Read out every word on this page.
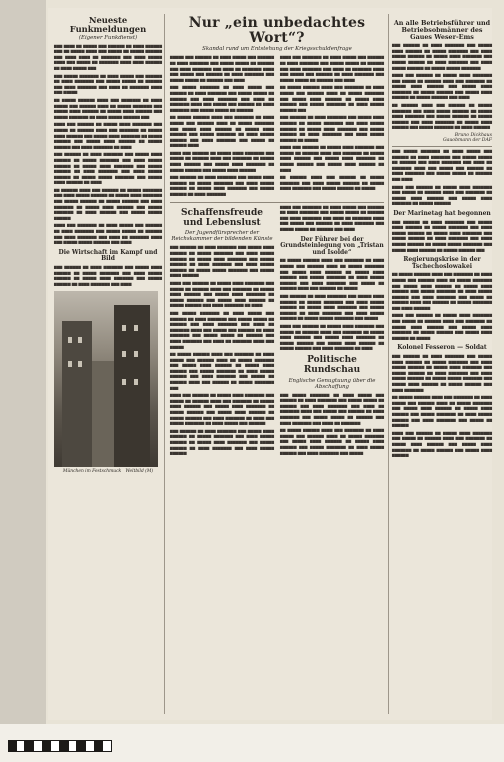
Neueste Funkmeldungen
(Eigener Funkdienst)

▆▆▆ ▆▆▆▆ ▆▆ ▆▆▆▆▆ ▆▆▆ ▆▆▆▆▆▆ ▆▆ ▆▆▆▆ ▆▆▆▆▆▆ ▆▆▆ ▆▆ ▆▆▆▆▆ ▆▆▆▆ ▆▆▆ ▆▆▆▆▆ ▆▆ ▆▆▆▆▆ ▆▆▆▆▆▆ ▆▆▆ ▆▆▆▆ ▆▆▆▆ ▆▆ ▆▆▆▆▆▆▆ ▆▆▆ ▆▆▆▆ ▆▆▆▆▆ ▆▆▆▆ ▆▆▆ ▆▆▆▆▆ ▆▆ ▆▆▆▆▆▆▆ ▆▆▆▆ ▆▆▆▆ ▆▆▆▆▆▆ ▆▆ ▆▆▆▆ ▆▆▆▆▆ ▆▆▆

▆▆▆ ▆▆▆▆▆ ▆▆▆▆▆▆▆ ▆▆ ▆▆▆▆ ▆▆▆▆▆ ▆▆▆ ▆▆▆▆▆▆ ▆▆ ▆▆▆▆ ▆▆▆▆▆▆▆ ▆▆▆ ▆▆▆▆▆ ▆▆▆▆▆ ▆▆ ▆▆▆▆▆▆ ▆▆▆ ▆▆▆▆ ▆▆▆▆▆▆▆ ▆▆▆ ▆▆▆▆ ▆▆ ▆▆▆▆▆▆▆ ▆▆▆▆ ▆▆▆ ▆▆▆▆▆

▆▆ ▆▆▆▆▆ ▆▆▆▆▆▆ ▆▆▆▆ ▆▆▆ ▆▆▆▆▆▆▆ ▆▆ ▆▆▆▆ ▆▆▆▆▆ ▆▆▆ ▆▆▆▆▆▆ ▆▆▆▆ ▆▆ ▆▆▆▆▆ ▆▆▆▆▆▆▆ ▆▆▆ ▆▆▆▆▆ ▆▆▆▆ ▆▆▆▆▆▆ ▆▆ ▆▆▆▆▆ ▆▆▆▆ ▆▆▆▆▆▆ ▆▆▆ ▆▆▆▆▆ ▆▆▆▆▆▆▆ ▆▆ ▆▆▆▆ ▆▆▆▆▆ ▆▆▆▆▆▆ ▆▆▆

▆▆▆▆ ▆▆▆ ▆▆▆▆▆▆ ▆▆ ▆▆▆▆▆ ▆▆▆▆ ▆▆▆▆▆▆▆ ▆▆▆ ▆▆▆▆▆ ▆▆ ▆▆▆▆▆▆ ▆▆▆▆ ▆▆▆ ▆▆▆▆▆▆▆ ▆▆ ▆▆▆▆▆ ▆▆▆▆ ▆▆▆▆▆▆ ▆▆▆ ▆▆▆▆▆ ▆▆▆▆ ▆▆▆▆▆▆▆ ▆▆ ▆▆▆▆▆ ▆▆▆▆▆▆ ▆▆▆ ▆▆▆▆▆ ▆▆▆▆ ▆▆▆▆▆▆ ▆▆ ▆▆▆▆▆ ▆▆▆▆▆▆ ▆▆▆ ▆▆▆▆ ▆▆▆▆▆▆▆ ▆▆ ▆▆▆▆

▆▆▆ ▆▆▆▆▆▆ ▆▆ ▆▆▆▆ ▆▆▆▆▆▆▆ ▆▆▆ ▆▆▆▆▆ ▆▆▆▆ ▆▆▆▆▆▆ ▆▆ ▆▆▆▆▆ ▆▆▆▆▆▆▆ ▆▆▆ ▆▆▆▆ ▆▆▆▆▆ ▆▆▆▆▆▆ ▆▆ ▆▆▆▆▆ ▆▆▆▆ ▆▆▆▆▆▆▆ ▆▆▆ ▆▆▆▆▆ ▆▆▆▆▆▆ ▆▆ ▆▆▆▆ ▆▆▆▆▆▆▆ ▆▆▆ ▆▆▆▆ ▆▆▆▆▆ ▆▆▆▆▆▆ ▆▆ ▆▆▆▆▆ ▆▆▆▆▆ ▆▆▆▆▆▆▆ ▆▆▆ ▆▆▆▆▆ ▆▆▆▆ ▆▆▆▆▆▆ ▆▆ ▆▆▆▆

▆▆ ▆▆▆▆▆▆ ▆▆▆▆ ▆▆▆ ▆▆▆▆▆▆ ▆▆ ▆▆▆▆▆ ▆▆▆▆▆▆▆ ▆▆▆ ▆▆▆▆ ▆▆▆▆▆ ▆▆▆▆▆▆ ▆▆ ▆▆▆▆▆ ▆▆▆▆ ▆▆▆▆▆▆▆ ▆▆▆ ▆▆▆▆▆ ▆▆▆▆▆▆ ▆▆ ▆▆▆▆▆ ▆▆▆▆▆▆ ▆▆▆ ▆▆▆▆ ▆▆▆▆▆▆▆ ▆▆ ▆▆▆▆▆ ▆▆▆▆ ▆▆▆▆▆▆ ▆▆▆ ▆▆▆▆▆ ▆▆▆▆▆▆▆ ▆▆ ▆▆▆▆ ▆▆▆▆▆▆ ▆▆▆ ▆▆▆▆▆ ▆▆▆▆▆ ▆▆▆▆▆▆

▆▆▆▆ ▆▆▆ ▆▆▆▆▆▆▆ ▆▆ ▆▆▆▆ ▆▆▆▆▆ ▆▆▆ ▆▆▆▆▆▆ ▆▆ ▆▆▆▆ ▆▆▆▆▆▆▆ ▆▆▆ ▆▆▆▆▆ ▆▆▆▆▆ ▆▆ ▆▆▆▆▆▆ ▆▆▆ ▆▆▆▆ ▆▆▆▆▆▆▆ ▆▆▆ ▆▆▆▆ ▆▆ ▆▆▆▆▆▆▆ ▆▆▆▆ ▆▆▆ ▆▆▆▆▆ ▆▆▆▆▆ ▆▆▆▆▆▆ ▆▆▆ ▆▆▆▆

Die Wirtschaft im Kampf und Bild

▆▆▆ ▆▆▆▆▆▆ ▆▆ ▆▆▆▆ ▆▆▆▆▆▆▆ ▆▆▆ ▆▆▆▆▆ ▆▆▆▆ ▆▆▆▆▆▆ ▆▆ ▆▆▆▆▆ ▆▆▆▆▆▆▆ ▆▆▆ ▆▆▆▆ ▆▆▆▆▆ ▆▆▆▆▆▆ ▆▆ ▆▆▆▆▆ ▆▆▆▆ ▆▆▆▆▆▆▆ ▆▆▆ ▆▆▆▆▆ ▆▆▆▆▆▆ ▆▆ ▆▆▆▆ ▆▆▆▆▆▆▆ ▆▆▆ ▆▆▆▆

München im Festschmuck Weltbild (M)
Nur „ein unbedachtes Wort“?
Skandal rund um Entstehung der Kriegsschuldenfrage

▆▆▆▆▆ ▆▆▆ ▆▆▆▆▆▆ ▆▆ ▆▆▆▆ ▆▆▆▆▆ ▆▆▆ ▆▆▆▆▆▆ ▆▆ ▆▆▆▆ ▆▆▆▆▆▆▆ ▆▆▆ ▆▆▆▆▆ ▆▆▆▆▆ ▆▆ ▆▆▆▆▆▆ ▆▆▆ ▆▆▆▆ ▆▆▆▆▆▆▆ ▆▆▆ ▆▆▆▆ ▆▆ ▆▆▆▆▆▆▆ ▆▆▆▆ ▆▆▆ ▆▆▆▆▆ ▆▆▆ ▆▆▆▆▆▆ ▆▆ ▆▆▆▆ ▆▆▆▆▆▆▆ ▆▆▆ ▆▆▆▆▆ ▆▆▆▆▆ ▆▆ ▆▆▆▆▆▆ ▆▆▆ ▆▆▆▆

▆▆▆ ▆▆▆▆▆ ▆▆▆▆▆▆▆ ▆▆ ▆▆▆▆ ▆▆▆▆▆ ▆▆▆ ▆▆▆▆▆▆ ▆▆ ▆▆▆▆ ▆▆▆▆▆▆▆ ▆▆▆ ▆▆▆▆▆ ▆▆▆▆▆ ▆▆ ▆▆▆▆▆▆ ▆▆▆ ▆▆▆▆ ▆▆▆▆▆▆▆ ▆▆▆ ▆▆▆▆ ▆▆ ▆▆▆▆▆▆▆ ▆▆▆▆ ▆▆▆ ▆▆▆▆▆ ▆▆▆ ▆▆▆▆▆▆ ▆▆ ▆▆▆▆ ▆▆▆▆▆▆▆ ▆▆▆ ▆▆▆▆▆ ▆▆▆▆▆ ▆▆ ▆▆▆▆▆▆

▆▆ ▆▆▆▆▆ ▆▆▆▆▆▆ ▆▆▆▆ ▆▆▆ ▆▆▆▆▆▆▆ ▆▆ ▆▆▆▆ ▆▆▆▆▆ ▆▆▆ ▆▆▆▆▆▆ ▆▆▆▆ ▆▆ ▆▆▆▆▆ ▆▆▆▆▆▆▆ ▆▆▆ ▆▆▆▆▆ ▆▆▆▆ ▆▆▆▆▆▆ ▆▆ ▆▆▆▆▆ ▆▆▆▆ ▆▆▆▆▆▆ ▆▆▆ ▆▆▆▆▆ ▆▆▆▆▆▆▆ ▆▆ ▆▆▆▆ ▆▆▆▆▆ ▆▆▆▆▆▆ ▆▆▆ ▆▆▆▆ ▆▆▆▆▆▆▆ ▆▆▆ ▆▆▆▆▆ ▆▆ ▆▆▆▆▆▆ ▆▆▆▆

▆▆▆▆ ▆▆▆ ▆▆▆▆▆▆ ▆▆ ▆▆▆▆▆ ▆▆▆▆ ▆▆▆▆▆▆▆ ▆▆▆ ▆▆▆▆▆ ▆▆ ▆▆▆▆▆▆ ▆▆▆▆ ▆▆▆ ▆▆▆▆▆▆▆ ▆▆ ▆▆▆▆▆ ▆▆▆▆ ▆▆▆▆▆▆ ▆▆▆ ▆▆▆▆▆ ▆▆▆▆ ▆▆▆▆▆▆▆ ▆▆ ▆▆▆▆▆ ▆▆▆▆▆▆ ▆▆▆ ▆▆▆▆▆ ▆▆▆▆ ▆▆▆▆▆▆

▆▆▆ ▆▆▆▆▆▆ ▆▆ ▆▆▆▆ ▆▆▆▆▆▆▆ ▆▆▆ ▆▆▆▆▆ ▆▆▆▆ ▆▆▆▆▆▆ ▆▆ ▆▆▆▆▆ ▆▆▆▆▆▆▆ ▆▆▆ ▆▆▆▆ ▆▆▆▆▆ ▆▆▆▆▆▆ ▆▆ ▆▆▆▆▆ ▆▆▆▆ ▆▆▆▆▆▆▆ ▆▆▆ ▆▆▆▆▆ ▆▆▆▆▆▆ ▆▆ ▆▆▆▆ ▆▆▆▆▆▆▆

▆▆▆▆ ▆▆▆ ▆▆▆▆▆▆▆ ▆▆ ▆▆▆▆ ▆▆▆▆▆ ▆▆▆ ▆▆▆▆▆▆ ▆▆ ▆▆▆▆ ▆▆▆▆▆▆▆ ▆▆▆ ▆▆▆▆▆ ▆▆▆▆▆ ▆▆ ▆▆▆▆▆▆ ▆▆▆ ▆▆▆▆ ▆▆▆▆▆▆▆ ▆▆▆ ▆▆▆▆ ▆▆ ▆▆▆▆▆▆▆ ▆▆▆▆ ▆▆▆ ▆▆▆▆▆ ▆▆▆ ▆▆▆▆▆▆ ▆▆ ▆▆▆▆ ▆▆▆▆▆▆▆ ▆▆▆ ▆▆▆▆▆ ▆▆▆▆▆ ▆▆ ▆▆▆▆▆▆ ▆▆▆ ▆▆▆▆

▆▆ ▆▆▆▆▆ ▆▆▆▆▆▆ ▆▆▆▆ ▆▆▆ ▆▆▆▆▆▆▆ ▆▆ ▆▆▆▆ ▆▆▆▆▆ ▆▆▆ ▆▆▆▆▆▆ ▆▆▆▆ ▆▆ ▆▆▆▆▆ ▆▆▆▆▆▆▆ ▆▆▆ ▆▆▆▆▆ ▆▆▆▆ ▆▆▆▆▆▆ ▆▆ ▆▆▆▆▆ ▆▆▆▆ ▆▆▆▆▆▆ ▆▆▆ ▆▆▆▆▆ ▆▆▆▆▆▆▆ ▆▆ ▆▆▆▆ ▆▆▆▆▆ ▆▆▆▆▆▆ ▆▆▆

▆▆▆ ▆▆▆▆▆▆ ▆▆ ▆▆▆▆ ▆▆▆▆▆▆▆ ▆▆▆ ▆▆▆▆▆ ▆▆▆▆ ▆▆▆▆▆▆ ▆▆ ▆▆▆▆▆ ▆▆▆▆▆▆▆ ▆▆▆ ▆▆▆▆ ▆▆▆▆▆ ▆▆▆▆▆▆ ▆▆ ▆▆▆▆▆ ▆▆▆▆ ▆▆▆▆▆▆▆ ▆▆▆ ▆▆▆▆▆ ▆▆▆▆▆▆ ▆▆ ▆▆▆▆ ▆▆▆▆▆▆▆ ▆▆▆ ▆▆▆▆ ▆▆▆▆▆ ▆▆▆▆▆▆ ▆▆ ▆▆▆▆▆

▆▆▆▆ ▆▆▆ ▆▆▆▆▆▆ ▆▆ ▆▆▆▆▆ ▆▆▆▆ ▆▆▆▆▆▆▆ ▆▆▆ ▆▆▆▆▆ ▆▆ ▆▆▆▆▆▆ ▆▆▆▆ ▆▆▆ ▆▆▆▆▆▆▆ ▆▆ ▆▆▆▆▆ ▆▆▆▆ ▆▆▆▆▆▆ ▆▆▆ ▆▆▆▆▆ ▆▆▆▆ ▆▆▆▆▆▆▆ ▆▆ ▆▆▆▆▆ ▆▆▆▆▆▆ ▆▆▆ ▆▆▆▆▆ ▆▆▆▆ ▆▆▆▆▆▆ ▆▆ ▆▆▆▆

▆▆ ▆▆▆▆▆▆ ▆▆▆▆ ▆▆▆ ▆▆▆▆▆▆ ▆▆ ▆▆▆▆▆ ▆▆▆▆▆▆▆ ▆▆▆ ▆▆▆▆ ▆▆▆▆▆ ▆▆▆▆▆▆ ▆▆ ▆▆▆▆▆ ▆▆▆▆ ▆▆▆▆▆▆▆ ▆▆▆ ▆▆▆▆▆ ▆▆▆▆▆▆ ▆▆ ▆▆▆▆▆

Schaffensfreude und Lebenslust
Der Jugendfürsprecher der Reichskammer der bildenden Künste

▆▆▆ ▆▆▆▆▆▆ ▆▆ ▆▆▆▆ ▆▆▆▆▆▆▆ ▆▆▆ ▆▆▆▆▆ ▆▆▆▆ ▆▆▆▆▆▆ ▆▆ ▆▆▆▆▆ ▆▆▆▆▆▆▆ ▆▆▆ ▆▆▆▆ ▆▆▆▆▆ ▆▆▆▆▆▆ ▆▆ ▆▆▆▆▆ ▆▆▆▆ ▆▆▆▆▆▆▆ ▆▆▆ ▆▆▆▆▆ ▆▆▆▆▆▆ ▆▆ ▆▆▆▆ ▆▆▆▆▆▆▆ ▆▆▆ ▆▆▆▆ ▆▆▆▆▆ ▆▆▆▆▆▆ ▆▆ ▆▆▆▆▆ ▆▆▆▆▆ ▆▆▆▆▆▆▆ ▆▆▆ ▆▆▆▆▆ ▆▆▆▆ ▆▆▆▆▆▆

▆▆▆▆ ▆▆▆ ▆▆▆▆▆▆ ▆▆ ▆▆▆▆▆ ▆▆▆▆ ▆▆▆▆▆▆▆ ▆▆▆ ▆▆▆▆▆ ▆▆ ▆▆▆▆▆▆ ▆▆▆▆ ▆▆▆ ▆▆▆▆▆▆▆ ▆▆ ▆▆▆▆▆ ▆▆▆▆ ▆▆▆▆▆▆ ▆▆▆ ▆▆▆▆▆ ▆▆▆▆ ▆▆▆▆▆▆▆ ▆▆ ▆▆▆▆▆ ▆▆▆▆▆▆ ▆▆▆ ▆▆▆▆▆ ▆▆▆▆ ▆▆▆▆▆▆ ▆▆ ▆▆▆▆▆ ▆▆▆▆▆▆ ▆▆▆ ▆▆▆▆ ▆▆▆▆▆▆▆ ▆▆ ▆▆▆▆

▆▆▆ ▆▆▆▆▆ ▆▆▆▆▆▆▆ ▆▆ ▆▆▆▆ ▆▆▆▆▆ ▆▆▆ ▆▆▆▆▆▆ ▆▆ ▆▆▆▆ ▆▆▆▆▆▆▆ ▆▆▆ ▆▆▆▆▆ ▆▆▆▆▆ ▆▆ ▆▆▆▆▆▆ ▆▆▆ ▆▆▆▆ ▆▆▆▆▆▆▆ ▆▆▆ ▆▆▆▆ ▆▆ ▆▆▆▆▆▆▆ ▆▆▆▆ ▆▆▆ ▆▆▆▆▆ ▆▆▆ ▆▆▆▆▆▆ ▆▆ ▆▆▆▆ ▆▆▆▆▆▆▆ ▆▆▆ ▆▆▆▆▆ ▆▆▆▆▆ ▆▆ ▆▆▆▆▆▆ ▆▆▆ ▆▆▆▆ ▆▆▆▆▆▆▆ ▆▆▆ ▆▆▆▆ ▆▆ ▆▆▆▆▆▆▆ ▆▆▆▆ ▆▆▆ ▆▆▆▆▆

▆▆ ▆▆▆▆▆ ▆▆▆▆▆▆ ▆▆▆▆ ▆▆▆ ▆▆▆▆▆▆▆ ▆▆ ▆▆▆▆ ▆▆▆▆▆ ▆▆▆ ▆▆▆▆▆▆ ▆▆▆▆ ▆▆ ▆▆▆▆▆ ▆▆▆▆▆▆▆ ▆▆▆ ▆▆▆▆▆ ▆▆▆▆ ▆▆▆▆▆▆ ▆▆ ▆▆▆▆▆ ▆▆▆▆ ▆▆▆▆▆▆ ▆▆▆ ▆▆▆▆▆ ▆▆▆▆▆▆▆ ▆▆ ▆▆▆▆ ▆▆▆▆▆ ▆▆▆▆▆▆ ▆▆▆ ▆▆▆▆ ▆▆▆▆▆▆▆ ▆▆▆ ▆▆▆▆▆ ▆▆ ▆▆▆▆▆▆ ▆▆▆▆ ▆▆▆ ▆▆▆▆▆▆ ▆▆ ▆▆▆▆▆ ▆▆▆▆▆▆▆ ▆▆▆

▆▆▆▆ ▆▆▆ ▆▆▆▆▆▆ ▆▆ ▆▆▆▆▆ ▆▆▆▆ ▆▆▆▆▆▆▆ ▆▆▆ ▆▆▆▆▆ ▆▆ ▆▆▆▆▆▆ ▆▆▆▆ ▆▆▆ ▆▆▆▆▆▆▆ ▆▆ ▆▆▆▆▆ ▆▆▆▆ ▆▆▆▆▆▆ ▆▆▆ ▆▆▆▆▆ ▆▆▆▆ ▆▆▆▆▆▆▆ ▆▆ ▆▆▆▆▆ ▆▆▆▆▆▆ ▆▆▆ ▆▆▆▆▆ ▆▆▆▆ ▆▆▆▆▆▆ ▆▆ ▆▆▆▆▆ ▆▆▆▆▆▆ ▆▆▆ ▆▆▆▆ ▆▆▆▆▆▆▆ ▆▆ ▆▆▆▆ ▆▆▆ ▆▆▆▆▆ ▆▆▆▆▆▆▆ ▆▆ ▆▆▆▆ ▆▆▆▆▆ ▆▆▆ ▆▆▆▆▆▆

▆▆▆ ▆▆▆▆▆▆ ▆▆ ▆▆▆▆ ▆▆▆▆▆▆▆ ▆▆▆ ▆▆▆▆▆ ▆▆▆▆ ▆▆▆▆▆▆ ▆▆ ▆▆▆▆▆ ▆▆▆▆▆▆▆ ▆▆▆ ▆▆▆▆ ▆▆▆▆▆ ▆▆▆▆▆▆ ▆▆ ▆▆▆▆▆ ▆▆▆▆ ▆▆▆▆▆▆▆ ▆▆▆ ▆▆▆▆▆ ▆▆▆▆▆▆ ▆▆ ▆▆▆▆ ▆▆▆▆▆▆▆ ▆▆▆ ▆▆▆▆ ▆▆▆▆▆ ▆▆▆▆▆▆

▆▆▆▆ ▆▆▆ ▆▆▆▆▆▆▆ ▆▆ ▆▆▆▆ ▆▆▆▆▆ ▆▆▆ ▆▆▆▆▆▆ ▆▆ ▆▆▆▆ ▆▆▆▆▆▆▆ ▆▆▆ ▆▆▆▆▆ ▆▆▆▆▆ ▆▆ ▆▆▆▆▆▆ ▆▆▆ ▆▆▆▆ ▆▆▆▆▆▆▆ ▆▆▆ ▆▆▆▆ ▆▆ ▆▆▆▆▆▆▆ ▆▆▆▆ ▆▆▆ ▆▆▆▆▆ ▆▆▆ ▆▆▆▆▆▆ ▆▆ ▆▆▆▆ ▆▆▆▆▆▆▆ ▆▆▆ ▆▆▆▆▆ ▆▆▆▆▆ ▆▆ ▆▆▆▆▆▆ ▆▆▆ ▆▆▆▆

Der Führer bei der Grundsteinlegung von „Tristan und Isolde“

▆▆ ▆▆▆▆▆ ▆▆▆▆▆▆ ▆▆▆▆ ▆▆▆ ▆▆▆▆▆▆▆ ▆▆ ▆▆▆▆ ▆▆▆▆▆ ▆▆▆ ▆▆▆▆▆▆ ▆▆▆▆ ▆▆ ▆▆▆▆▆ ▆▆▆▆▆▆▆ ▆▆▆ ▆▆▆▆▆ ▆▆▆▆ ▆▆▆▆▆▆ ▆▆ ▆▆▆▆▆ ▆▆▆▆ ▆▆▆▆▆▆ ▆▆▆ ▆▆▆▆▆ ▆▆▆▆▆▆▆ ▆▆ ▆▆▆▆ ▆▆▆▆▆ ▆▆▆▆▆▆ ▆▆▆ ▆▆▆▆ ▆▆▆▆▆▆▆ ▆▆▆ ▆▆▆▆▆ ▆▆ ▆▆▆▆▆▆ ▆▆▆▆ ▆▆▆ ▆▆▆▆▆▆ ▆▆ ▆▆▆▆▆

▆▆▆ ▆▆▆▆▆▆ ▆▆ ▆▆▆▆ ▆▆▆▆▆▆▆ ▆▆▆ ▆▆▆▆▆ ▆▆▆▆ ▆▆▆▆▆▆ ▆▆ ▆▆▆▆▆ ▆▆▆▆▆▆▆ ▆▆▆ ▆▆▆▆ ▆▆▆▆▆ ▆▆▆▆▆▆ ▆▆ ▆▆▆▆▆ ▆▆▆▆ ▆▆▆▆▆▆▆ ▆▆▆ ▆▆▆▆▆ ▆▆▆▆▆▆ ▆▆ ▆▆▆▆ ▆▆▆▆▆▆▆ ▆▆▆ ▆▆▆▆ ▆▆▆▆▆ ▆▆▆▆▆▆ ▆▆ ▆▆▆▆▆ ▆▆▆▆▆ ▆▆▆▆▆▆▆ ▆▆▆ ▆▆▆▆▆

▆▆▆▆ ▆▆▆ ▆▆▆▆▆▆ ▆▆ ▆▆▆▆▆ ▆▆▆▆ ▆▆▆▆▆▆▆ ▆▆▆ ▆▆▆▆▆ ▆▆ ▆▆▆▆▆▆ ▆▆▆▆ ▆▆▆ ▆▆▆▆▆▆▆ ▆▆ ▆▆▆▆▆ ▆▆▆▆ ▆▆▆▆▆▆ ▆▆▆ ▆▆▆▆▆ ▆▆▆▆ ▆▆▆▆▆▆▆ ▆▆ ▆▆▆▆▆ ▆▆▆▆▆▆ ▆▆▆ ▆▆▆▆▆ ▆▆▆▆ ▆▆▆▆▆▆ ▆▆ ▆▆▆▆▆ ▆▆▆▆▆▆ ▆▆▆ ▆▆▆▆ ▆▆▆▆▆▆▆ ▆▆ ▆▆▆▆

Politische Rundschau
Englische Genugtuung über die Abschaffung

▆▆▆ ▆▆▆▆▆ ▆▆▆▆▆▆▆ ▆▆ ▆▆▆▆ ▆▆▆▆▆ ▆▆▆ ▆▆▆▆▆▆ ▆▆ ▆▆▆▆ ▆▆▆▆▆▆▆ ▆▆▆ ▆▆▆▆▆ ▆▆▆▆▆ ▆▆ ▆▆▆▆▆▆ ▆▆▆ ▆▆▆▆ ▆▆▆▆▆▆▆ ▆▆▆ ▆▆▆▆ ▆▆ ▆▆▆▆▆▆▆ ▆▆▆▆ ▆▆▆ ▆▆▆▆▆ ▆▆▆ ▆▆▆▆▆▆ ▆▆ ▆▆▆▆ ▆▆▆▆▆▆▆ ▆▆▆ ▆▆▆▆▆ ▆▆▆▆▆ ▆▆ ▆▆▆▆▆▆ ▆▆▆ ▆▆▆▆ ▆▆▆▆▆▆▆ ▆▆▆ ▆▆▆▆ ▆▆ ▆▆▆▆▆▆▆

▆▆ ▆▆▆▆▆ ▆▆▆▆▆▆ ▆▆▆▆ ▆▆▆ ▆▆▆▆▆▆▆ ▆▆ ▆▆▆▆ ▆▆▆▆▆ ▆▆▆ ▆▆▆▆▆▆ ▆▆▆▆ ▆▆ ▆▆▆▆▆ ▆▆▆▆▆▆▆ ▆▆▆ ▆▆▆▆▆ ▆▆▆▆ ▆▆▆▆▆▆ ▆▆ ▆▆▆▆▆ ▆▆▆▆ ▆▆▆▆▆▆ ▆▆▆ ▆▆▆▆▆ ▆▆▆▆▆▆▆ ▆▆ ▆▆▆▆ ▆▆▆▆▆ ▆▆▆▆▆▆ ▆▆▆ ▆▆▆▆ ▆▆▆▆▆▆▆ ▆▆▆ ▆▆▆▆▆

An alle Betriebsführer und Betriebsobmänner des Gaues Weser-Ems

▆▆▆ ▆▆▆▆▆▆ ▆▆ ▆▆▆▆ ▆▆▆▆▆▆▆ ▆▆▆ ▆▆▆▆▆ ▆▆▆▆ ▆▆▆▆▆▆ ▆▆ ▆▆▆▆▆ ▆▆▆▆▆▆▆ ▆▆▆ ▆▆▆▆ ▆▆▆▆▆ ▆▆▆▆▆▆ ▆▆ ▆▆▆▆▆ ▆▆▆▆ ▆▆▆▆▆▆▆ ▆▆▆ ▆▆▆▆▆ ▆▆▆▆▆▆ ▆▆ ▆▆▆▆ ▆▆▆▆▆▆▆ ▆▆▆ ▆▆▆▆ ▆▆▆▆▆ ▆▆▆▆▆▆ ▆▆ ▆▆▆▆▆ ▆▆▆▆▆ ▆▆▆▆▆▆▆

▆▆▆▆ ▆▆▆ ▆▆▆▆▆▆ ▆▆ ▆▆▆▆▆ ▆▆▆▆ ▆▆▆▆▆▆▆ ▆▆▆ ▆▆▆▆▆ ▆▆ ▆▆▆▆▆▆ ▆▆▆▆ ▆▆▆ ▆▆▆▆▆▆▆ ▆▆ ▆▆▆▆▆ ▆▆▆▆ ▆▆▆▆▆▆ ▆▆▆ ▆▆▆▆▆ ▆▆▆▆ ▆▆▆▆▆▆▆ ▆▆ ▆▆▆▆▆ ▆▆▆▆▆▆ ▆▆▆ ▆▆▆▆▆ ▆▆▆▆ ▆▆▆▆▆▆ ▆▆ ▆▆▆▆▆ ▆▆▆▆▆▆ ▆▆▆ ▆▆▆▆

▆▆ ▆▆▆▆▆▆ ▆▆▆▆ ▆▆▆ ▆▆▆▆▆▆ ▆▆ ▆▆▆▆▆ ▆▆▆▆▆▆▆ ▆▆▆ ▆▆▆▆ ▆▆▆▆▆ ▆▆▆▆▆▆ ▆▆ ▆▆▆▆▆ ▆▆▆▆ ▆▆▆▆▆▆▆ ▆▆▆ ▆▆▆▆▆ ▆▆▆▆▆▆ ▆▆ ▆▆▆▆▆ ▆▆▆▆▆▆ ▆▆▆ ▆▆▆▆ ▆▆▆▆▆▆▆ ▆▆ ▆▆▆▆▆ ▆▆▆▆ ▆▆▆▆▆▆ ▆▆▆ ▆▆▆▆▆ ▆▆▆▆▆▆▆ ▆▆ ▆▆▆▆ ▆▆▆▆▆▆

Bruno Dickhaus
Gauobmann der DAF

▆▆▆ ▆▆▆▆▆ ▆▆▆▆▆▆▆ ▆▆ ▆▆▆▆ ▆▆▆▆▆ ▆▆▆ ▆▆▆▆▆▆ ▆▆ ▆▆▆▆ ▆▆▆▆▆▆▆ ▆▆▆ ▆▆▆▆▆ ▆▆▆▆▆ ▆▆ ▆▆▆▆▆▆ ▆▆▆ ▆▆▆▆ ▆▆▆▆▆▆▆ ▆▆▆ ▆▆▆▆ ▆▆ ▆▆▆▆▆▆▆ ▆▆▆▆ ▆▆▆ ▆▆▆▆▆ ▆▆▆ ▆▆▆▆▆▆ ▆▆ ▆▆▆▆ ▆▆▆▆▆▆▆ ▆▆▆ ▆▆▆▆▆ ▆▆▆▆▆ ▆▆ ▆▆▆▆▆▆ ▆▆▆ ▆▆▆▆

▆▆▆▆ ▆▆▆ ▆▆▆▆▆▆ ▆▆ ▆▆▆▆▆ ▆▆▆▆ ▆▆▆▆▆▆▆ ▆▆▆ ▆▆▆▆▆ ▆▆ ▆▆▆▆▆▆ ▆▆▆▆ ▆▆▆ ▆▆▆▆▆▆▆ ▆▆ ▆▆▆▆▆ ▆▆▆▆ ▆▆▆▆▆▆ ▆▆▆ ▆▆▆▆▆ ▆▆▆▆ ▆▆▆▆▆▆▆ ▆▆ ▆▆▆▆▆ ▆▆▆▆▆▆

Der Marinetag hat begonnen

▆▆▆ ▆▆▆▆▆▆ ▆▆ ▆▆▆▆ ▆▆▆▆▆▆▆ ▆▆▆ ▆▆▆▆▆ ▆▆▆▆ ▆▆▆▆▆▆ ▆▆ ▆▆▆▆▆ ▆▆▆▆▆▆▆ ▆▆▆ ▆▆▆▆ ▆▆▆▆▆ ▆▆▆▆▆▆ ▆▆ ▆▆▆▆▆ ▆▆▆▆ ▆▆▆▆▆▆▆ ▆▆▆ ▆▆▆▆▆ ▆▆▆▆▆▆ ▆▆ ▆▆▆▆ ▆▆▆▆▆▆▆ ▆▆▆ ▆▆▆▆ ▆▆▆▆▆ ▆▆▆▆▆▆ ▆▆ ▆▆▆▆▆ ▆▆▆▆▆ ▆▆▆▆▆▆▆ ▆▆▆ ▆▆▆▆▆ ▆▆▆▆ ▆▆▆▆▆▆ ▆▆ ▆▆▆▆▆ ▆▆▆▆▆▆ ▆▆▆

Regierungskrise in der Tschechoslowakei

▆▆ ▆▆▆▆▆ ▆▆▆▆▆▆ ▆▆▆▆ ▆▆▆ ▆▆▆▆▆▆▆ ▆▆ ▆▆▆▆ ▆▆▆▆▆ ▆▆▆ ▆▆▆▆▆▆ ▆▆▆▆ ▆▆ ▆▆▆▆▆ ▆▆▆▆▆▆▆ ▆▆▆ ▆▆▆▆▆ ▆▆▆▆ ▆▆▆▆▆▆ ▆▆ ▆▆▆▆▆ ▆▆▆▆ ▆▆▆▆▆▆ ▆▆▆ ▆▆▆▆▆ ▆▆▆▆▆▆▆ ▆▆ ▆▆▆▆ ▆▆▆▆▆ ▆▆▆▆▆▆ ▆▆▆ ▆▆▆▆ ▆▆▆▆▆▆▆ ▆▆▆ ▆▆▆▆▆ ▆▆ ▆▆▆▆▆▆ ▆▆▆▆ ▆▆▆ ▆▆▆▆▆▆ ▆▆ ▆▆▆▆▆ ▆▆▆▆▆▆▆ ▆▆▆ ▆▆▆▆ ▆▆▆▆▆▆

▆▆▆▆ ▆▆▆ ▆▆▆▆▆▆ ▆▆ ▆▆▆▆▆ ▆▆▆▆ ▆▆▆▆▆▆▆ ▆▆▆ ▆▆▆▆▆ ▆▆ ▆▆▆▆▆▆ ▆▆▆▆ ▆▆▆ ▆▆▆▆▆▆▆ ▆▆ ▆▆▆▆▆ ▆▆▆▆ ▆▆▆▆▆▆ ▆▆▆ ▆▆▆▆▆ ▆▆▆▆ ▆▆▆▆▆▆▆ ▆▆ ▆▆▆▆▆ ▆▆▆▆▆▆ ▆▆▆ ▆▆▆▆▆ ▆▆▆▆ ▆▆▆▆▆▆ ▆▆ ▆▆▆▆▆

Kolonel Fesseron — Soldat

▆▆▆ ▆▆▆▆▆▆ ▆▆ ▆▆▆▆ ▆▆▆▆▆▆▆ ▆▆▆ ▆▆▆▆▆ ▆▆▆▆ ▆▆▆▆▆▆ ▆▆ ▆▆▆▆▆ ▆▆▆▆▆▆▆ ▆▆▆ ▆▆▆▆ ▆▆▆▆▆ ▆▆▆▆▆▆ ▆▆ ▆▆▆▆▆ ▆▆▆▆ ▆▆▆▆▆▆▆ ▆▆▆ ▆▆▆▆▆ ▆▆▆▆▆▆ ▆▆ ▆▆▆▆ ▆▆▆▆▆▆▆ ▆▆▆ ▆▆▆▆ ▆▆▆▆▆ ▆▆▆▆▆▆ ▆▆ ▆▆▆▆▆ ▆▆▆▆▆ ▆▆▆▆▆▆▆ ▆▆▆ ▆▆▆▆▆ ▆▆▆▆ ▆▆▆▆▆▆ ▆▆ ▆▆▆▆▆ ▆▆▆▆▆▆ ▆▆▆ ▆▆▆▆ ▆▆▆▆▆▆▆

▆▆ ▆▆▆▆▆ ▆▆▆▆▆▆ ▆▆▆▆ ▆▆▆ ▆▆▆▆▆▆▆ ▆▆ ▆▆▆▆ ▆▆▆▆▆ ▆▆▆ ▆▆▆▆▆▆ ▆▆▆▆ ▆▆ ▆▆▆▆▆ ▆▆▆▆▆▆▆ ▆▆▆ ▆▆▆▆▆ ▆▆▆▆ ▆▆▆▆▆▆ ▆▆ ▆▆▆▆▆ ▆▆▆▆ ▆▆▆▆▆▆ ▆▆▆ ▆▆▆▆▆ ▆▆▆▆▆▆▆ ▆▆ ▆▆▆▆ ▆▆▆▆▆ ▆▆▆▆▆▆ ▆▆▆ ▆▆▆▆ ▆▆▆▆▆▆▆ ▆▆▆ ▆▆▆▆▆ ▆▆ ▆▆▆▆▆▆

▆▆▆▆ ▆▆▆ ▆▆▆▆▆▆ ▆▆ ▆▆▆▆▆ ▆▆▆▆ ▆▆▆▆▆▆▆ ▆▆▆ ▆▆▆▆▆ ▆▆ ▆▆▆▆▆▆ ▆▆▆▆ ▆▆▆ ▆▆▆▆▆▆▆ ▆▆ ▆▆▆▆▆ ▆▆▆▆ ▆▆▆▆▆▆ ▆▆▆ ▆▆▆▆▆ ▆▆▆▆ ▆▆▆▆▆▆▆ ▆▆ ▆▆▆▆▆ ▆▆▆▆▆▆ ▆▆▆ ▆▆▆▆▆ ▆▆▆▆ ▆▆▆▆▆▆
